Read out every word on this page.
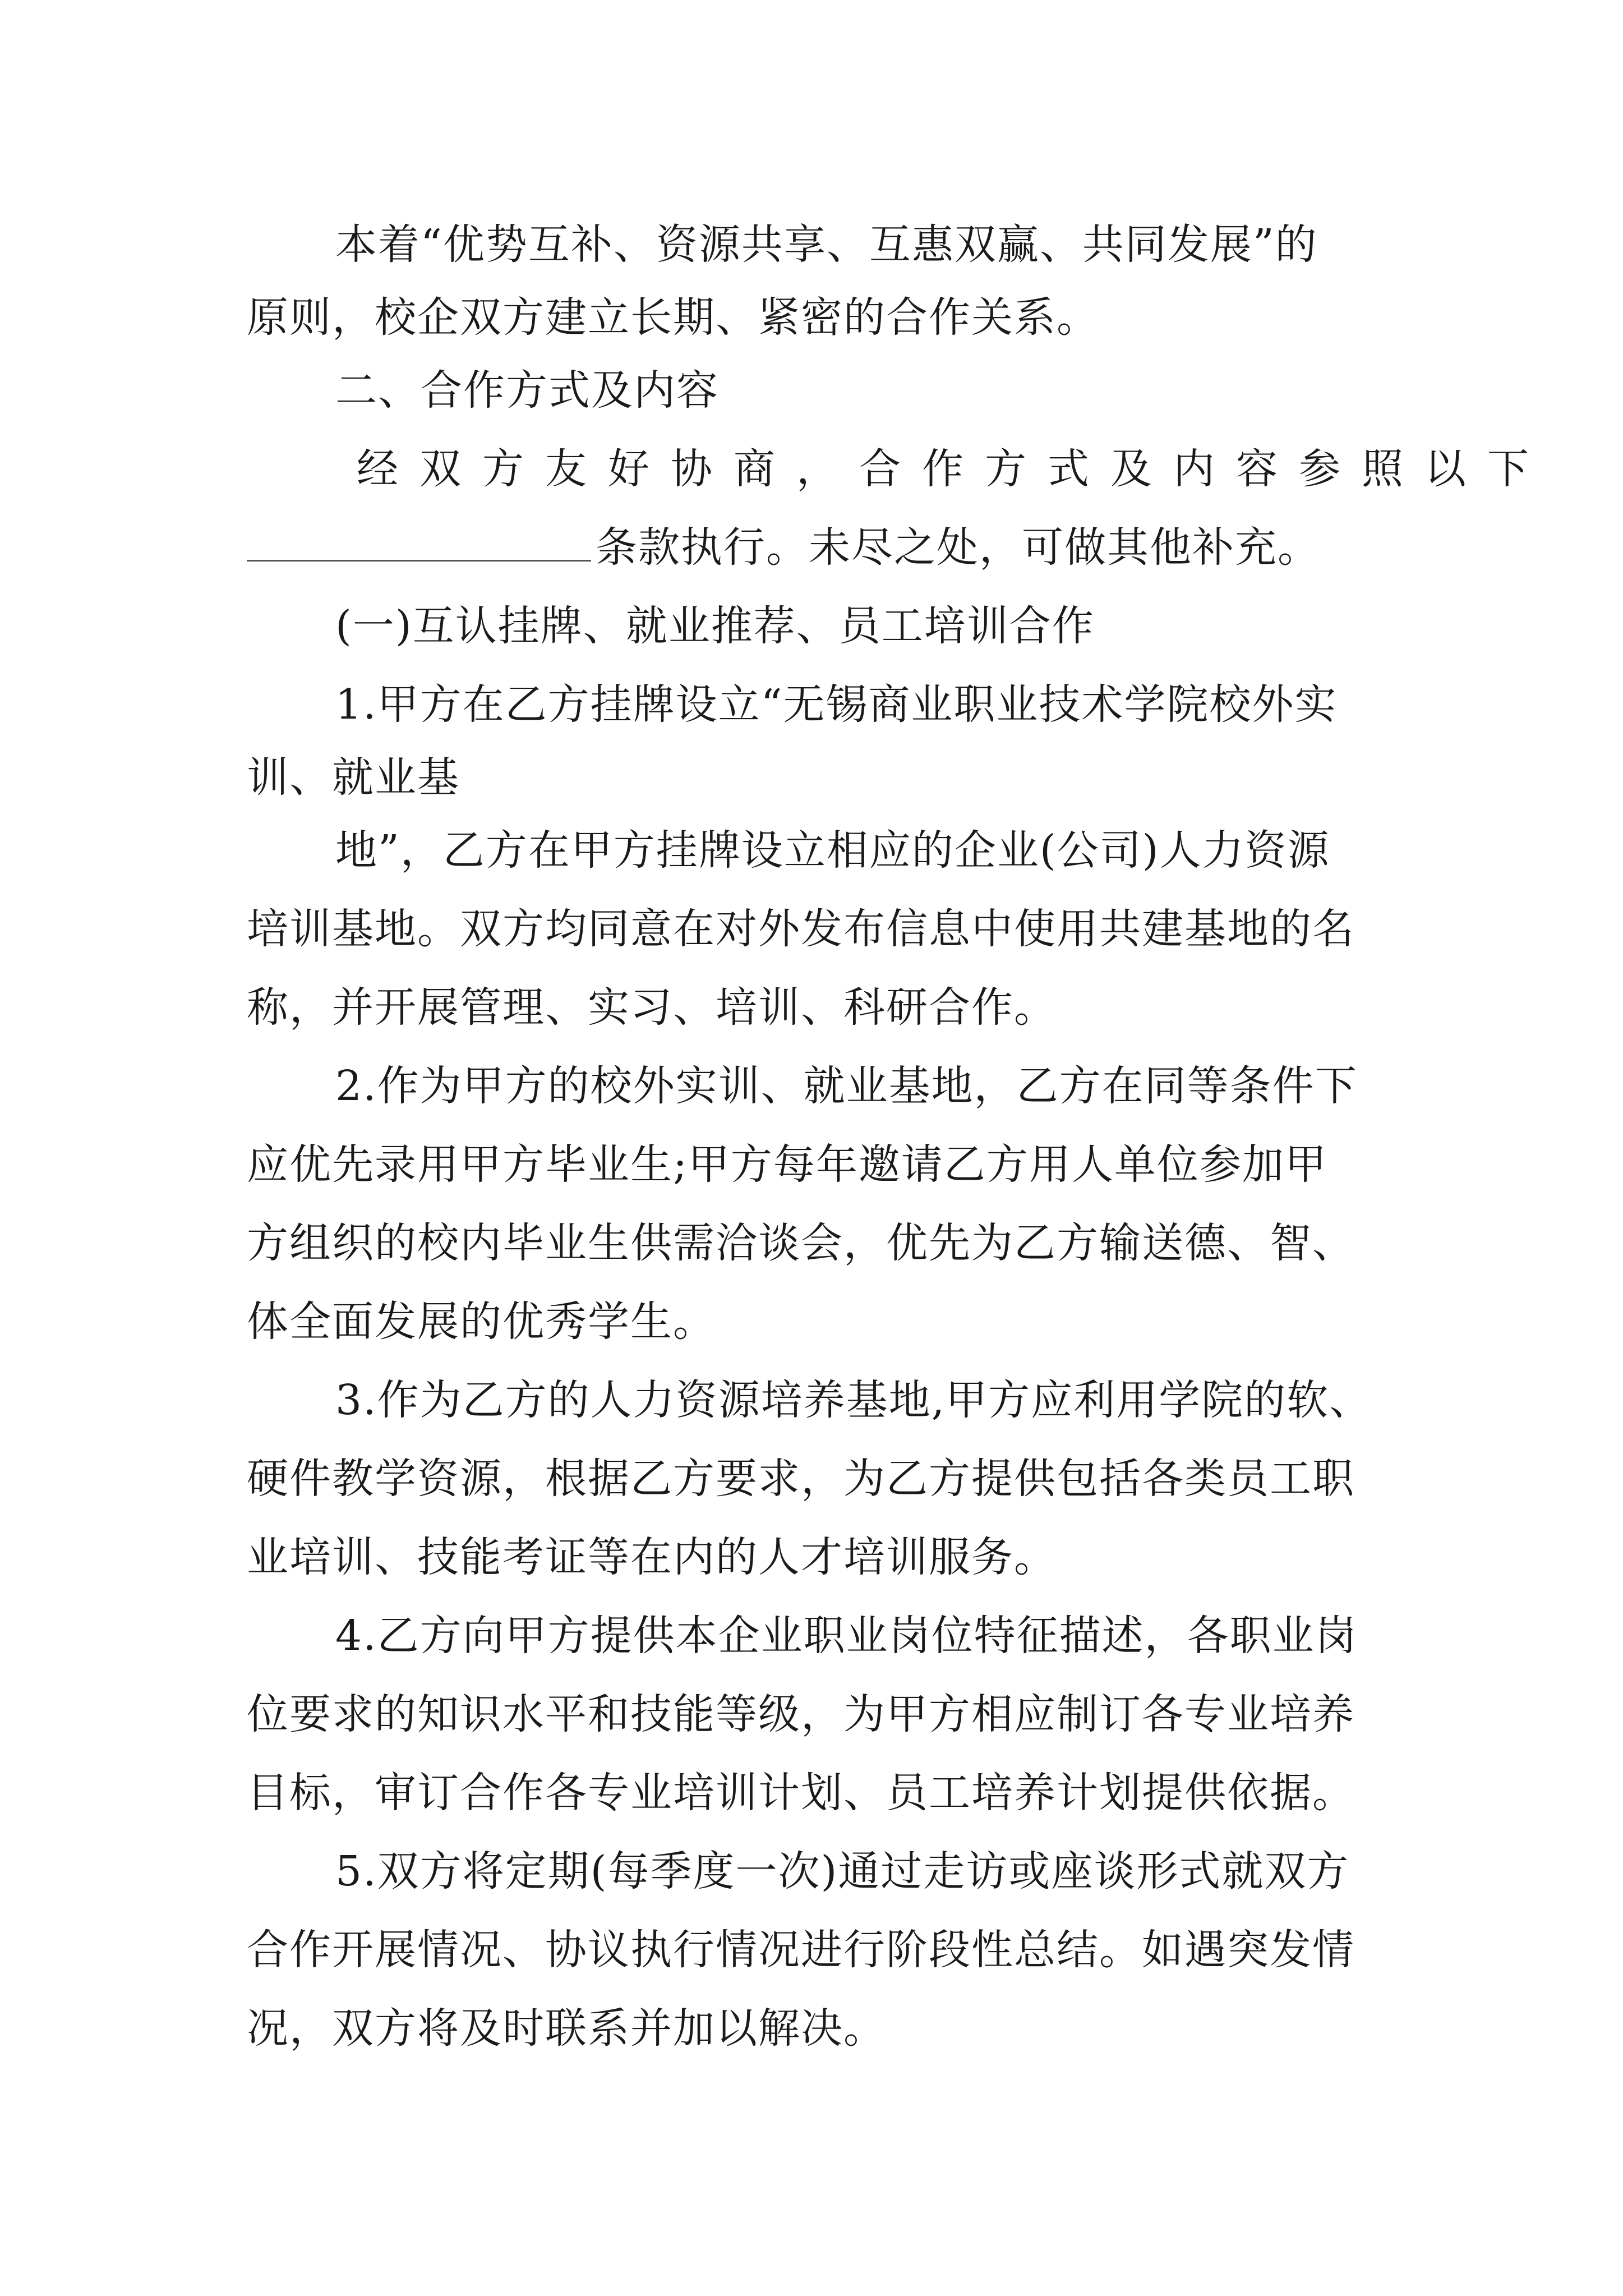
本着“优势互补、资源共享、互惠双赢、共同发展”的
原则，校企双方建立长期、紧密的合作关系。
二、合作方式及内容
经双方友好协商，合作方式及内容参照以下
条款执行。未尽之处，可做其他补充。
(一)互认挂牌、就业推荐、员工培训合作
1.甲方在乙方挂牌设立“无锡商业职业技术学院校外实
训、就业基
地”，乙方在甲方挂牌设立相应的企业(公司)人力资源
培训基地。双方均同意在对外发布信息中使用共建基地的名
称，并开展管理、实习、培训、科研合作。
2.作为甲方的校外实训、就业基地，乙方在同等条件下
应优先录用甲方毕业生;甲方每年邀请乙方用人单位参加甲
方组织的校内毕业生供需洽谈会，优先为乙方输送德、智、
体全面发展的优秀学生。
3.作为乙方的人力资源培养基地,甲方应利用学院的软、
硬件教学资源，根据乙方要求，为乙方提供包括各类员工职
业培训、技能考证等在内的人才培训服务。
4.乙方向甲方提供本企业职业岗位特征描述，各职业岗
位要求的知识水平和技能等级，为甲方相应制订各专业培养
目标，审订合作各专业培训计划、员工培养计划提供依据。
5.双方将定期(每季度一次)通过走访或座谈形式就双方
合作开展情况、协议执行情况进行阶段性总结。如遇突发情
况，双方将及时联系并加以解决。
